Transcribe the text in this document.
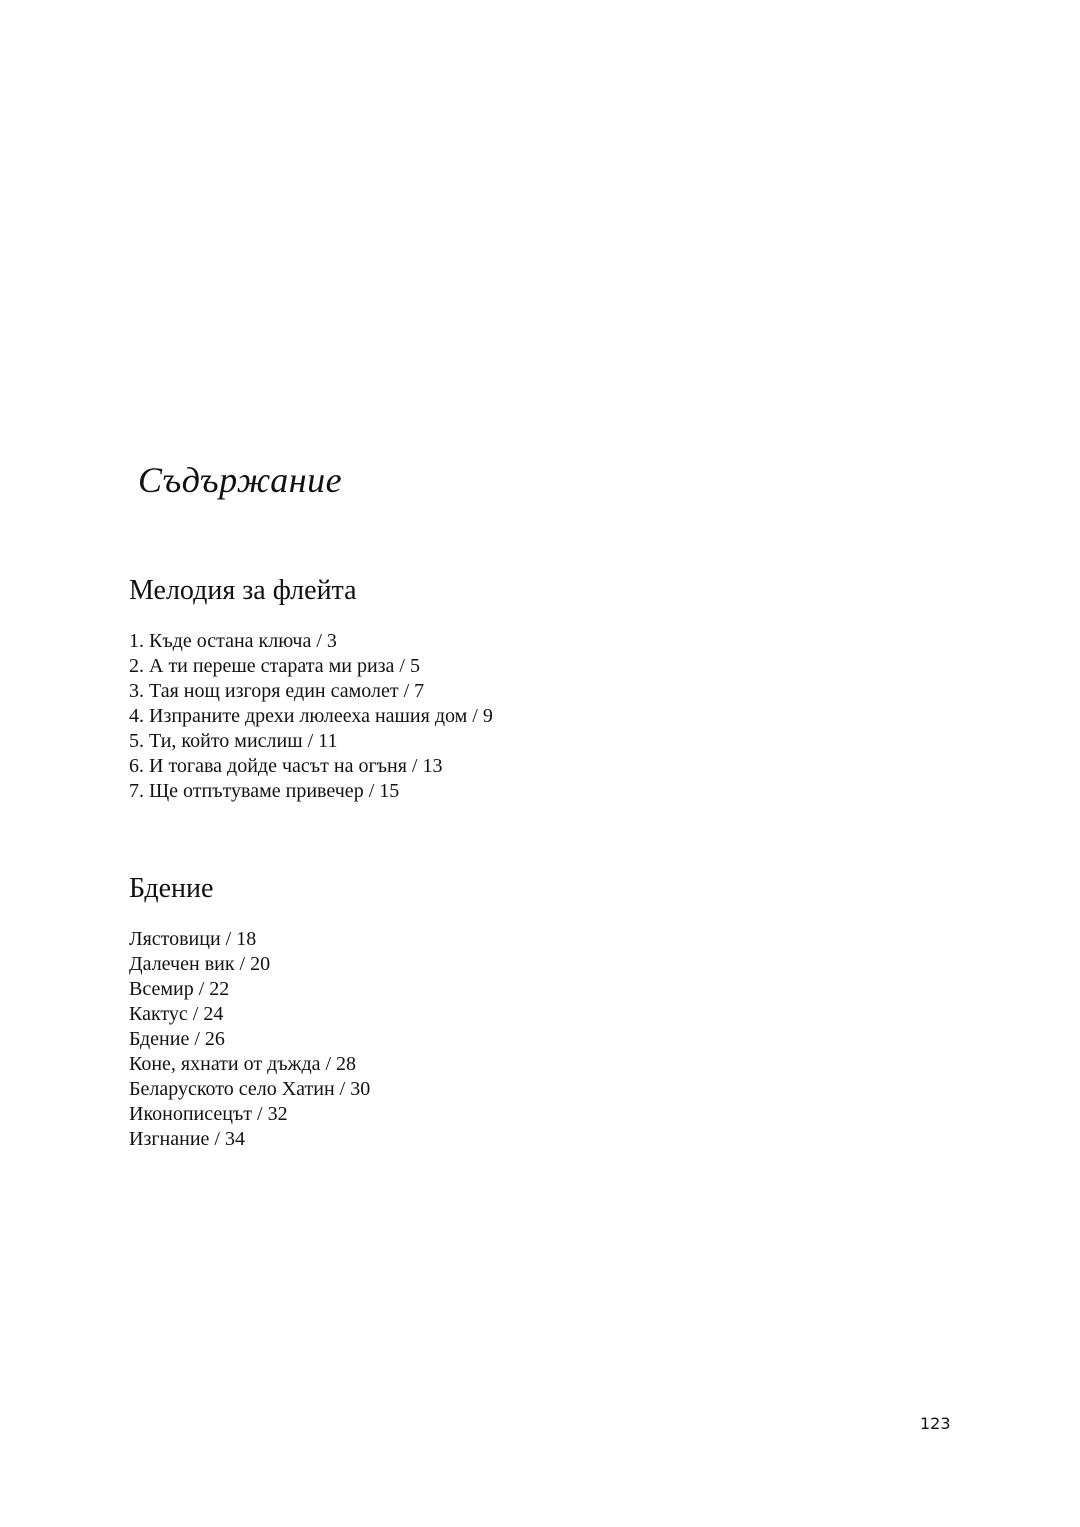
Съдържание
Мелодия за флейта
1. Къде остана ключа / 3
2. А ти переше старата ми риза / 5
3. Тая нощ изгоря един самолет / 7
4. Изпраните дрехи люлееха нашия дом / 9
5. Ти, който мислиш / 11
6. И тогава дойде часът на огъня / 13
7. Ще отпътуваме привечер / 15
Бдение
Лястовици / 18
Далечен вик / 20
Всемир / 22
Кактус / 24
Бдение / 26
Коне, яхнати от дъжда / 28
Беларуското село Хатин / 30
Иконописецът / 32
Изгнание / 34
123
